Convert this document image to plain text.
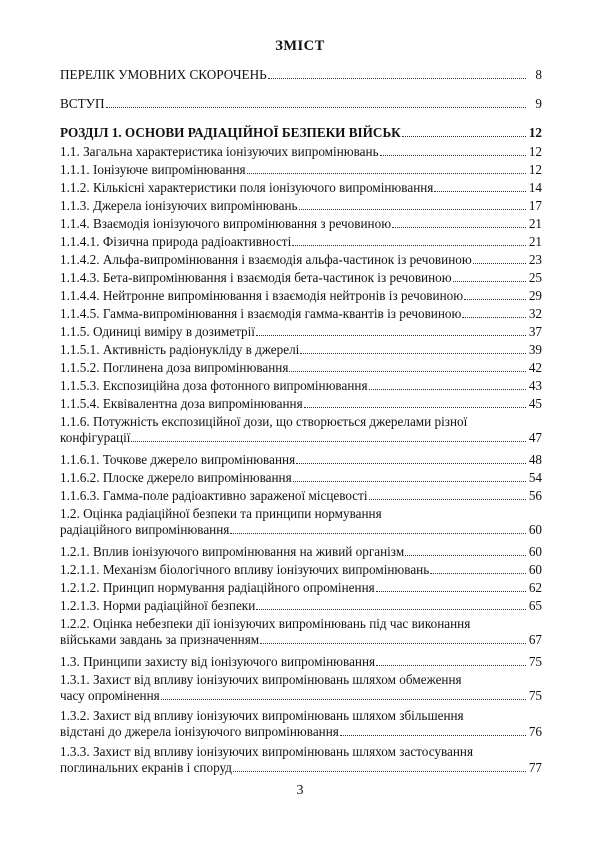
ЗМІСТ
ПЕРЕЛІК УМОВНИХ СКОРОЧЕНЬ	8
ВСТУП	9
РОЗДІЛ 1. ОСНОВИ РАДІАЦІЙНОЇ БЕЗПЕКИ ВІЙСЬК	12
1.1. Загальна характеристика іонізуючих випромінювань	12
1.1.1. Іонізуюче випромінювання	12
1.1.2. Кількісні характеристики поля іонізуючого випромінювання	14
1.1.3. Джерела іонізуючих випромінювань	17
1.1.4. Взаємодія іонізуючого випромінювання з речовиною	21
1.1.4.1. Фізична природа радіоактивності	21
1.1.4.2. Альфа-випромінювання і взаємодія альфа-частинок із речовиною	23
1.1.4.3. Бета-випромінювання і взаємодія бета-частинок із речовиною	25
1.1.4.4. Нейтронне випромінювання і взаємодія нейтронів із речовиною	29
1.1.4.5. Гамма-випромінювання і взаємодія гамма-квантів із речовиною	32
1.1.5. Одиниці виміру в дозиметрії	37
1.1.5.1. Активність радіонукліду в джерелі	39
1.1.5.2. Поглинена доза випромінювання	42
1.1.5.3. Експозиційна доза фотонного випромінювання	43
1.1.5.4. Еквівалентна доза випромінювання	45
1.1.6. Потужність експозиційної дози, що створюється джерелами різної
конфігурації	47
1.1.6.1. Точкове джерело випромінювання	48
1.1.6.2. Плоске джерело випромінювання	54
1.1.6.3. Гамма-поле радіоактивно зараженої місцевості	56
1.2. Оцінка радіаційної безпеки та принципи нормування
радіаційного випромінювання	60
1.2.1. Вплив іонізуючого випромінювання на живий організм	60
1.2.1.1. Механізм біологічного впливу іонізуючих випромінювань	60
1.2.1.2. Принцип нормування радіаційного опромінення	62
1.2.1.3. Норми радіаційної безпеки	65
1.2.2. Оцінка небезпеки дії іонізуючих випромінювань під час виконання
військами завдань за призначенням	67
1.3. Принципи захисту від іонізуючого випромінювання	75
1.3.1. Захист від впливу іонізуючих випромінювань шляхом обмеження
часу опромінення	75
1.3.2. Захист від впливу іонізуючих випромінювань шляхом збільшення
відстані до джерела іонізуючого випромінювання	76
1.3.3. Захист від впливу іонізуючих випромінювань шляхом застосування
поглинальних екранів і споруд	77
3
